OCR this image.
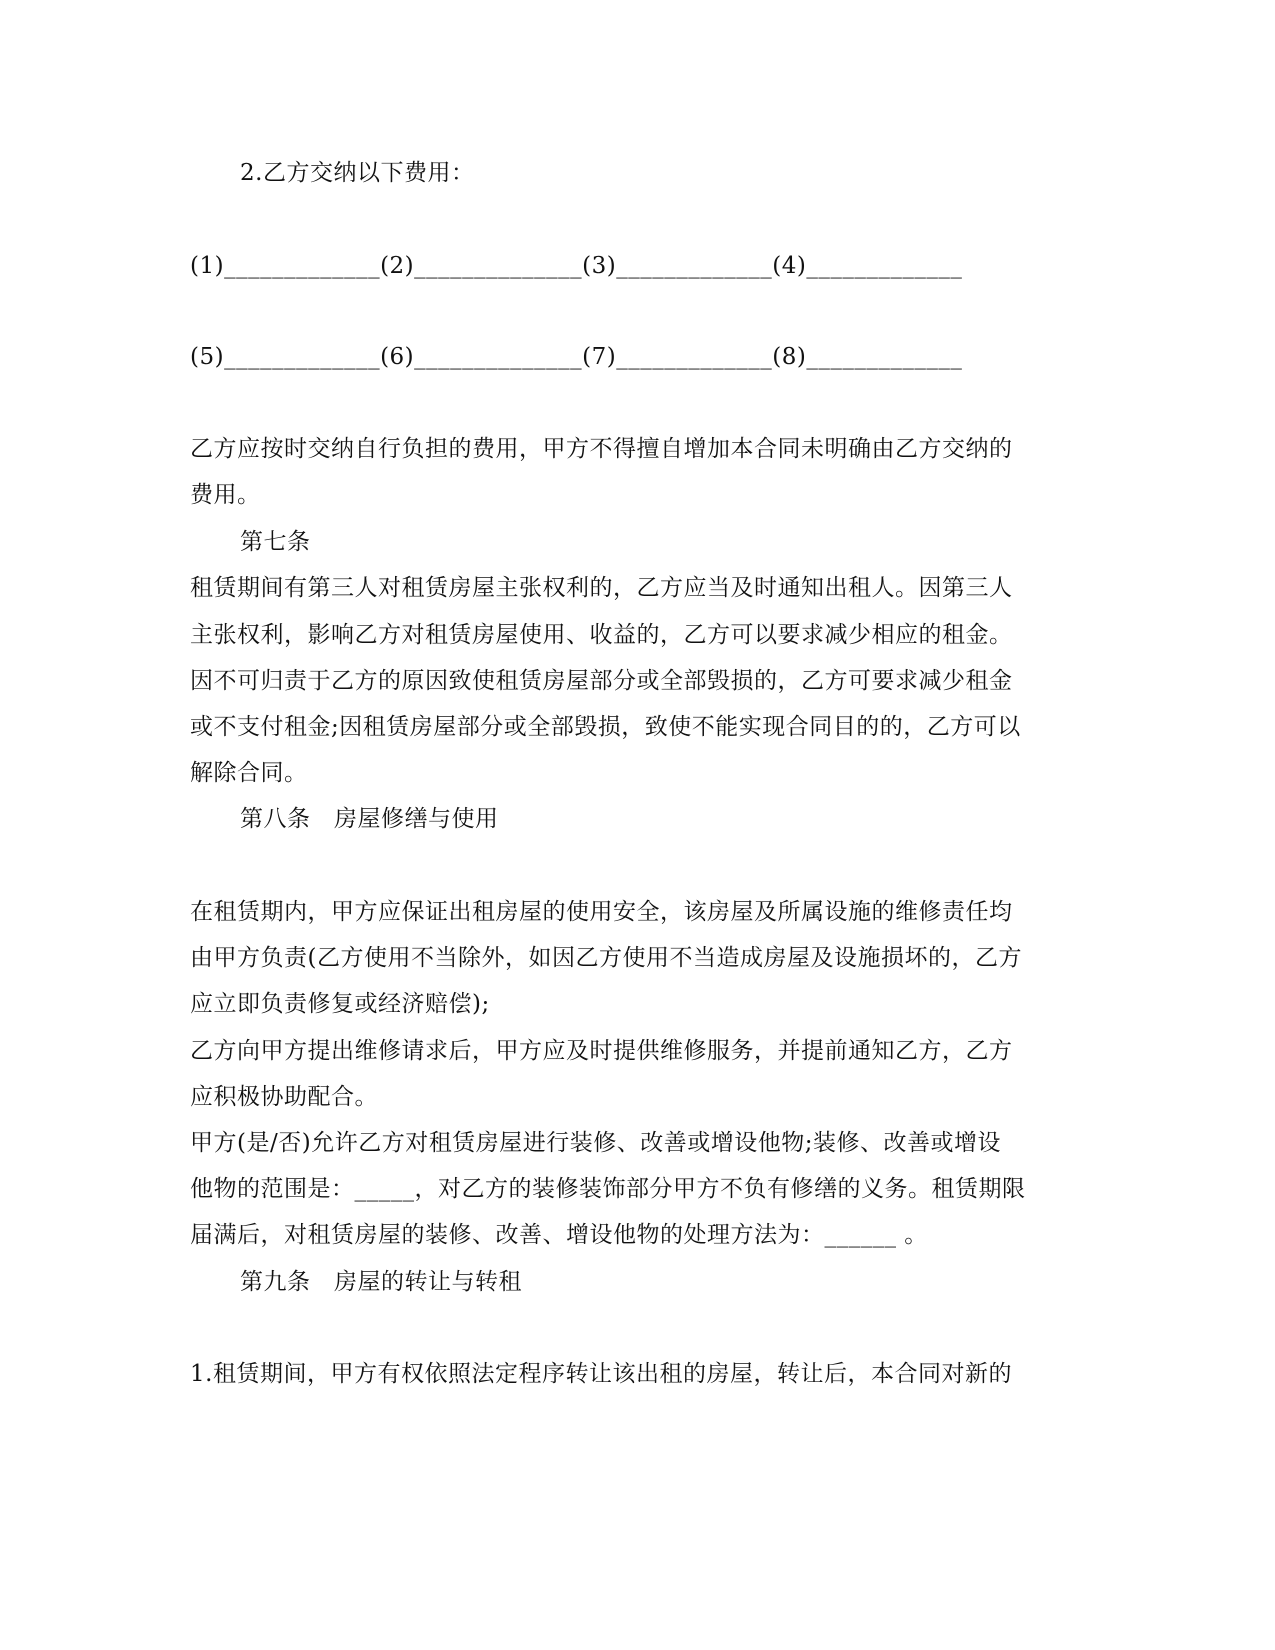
2.乙方交纳以下费用：

(1)_____________(2)______________(3)_____________(4)_____________

(5)_____________(6)______________(7)_____________(8)_____________

乙方应按时交纳自行负担的费用，甲方不得擅自增加本合同未明确由乙方交纳的

费用。

第七条

租赁期间有第三人对租赁房屋主张权利的，乙方应当及时通知出租人。因第三人

主张权利，影响乙方对租赁房屋使用、收益的，乙方可以要求减少相应的租金。

因不可归责于乙方的原因致使租赁房屋部分或全部毁损的，乙方可要求减少租金

或不支付租金;因租赁房屋部分或全部毁损，致使不能实现合同目的的，乙方可以

解除合同。

第八条　房屋修缮与使用

在租赁期内，甲方应保证出租房屋的使用安全，该房屋及所属设施的维修责任均

由甲方负责(乙方使用不当除外，如因乙方使用不当造成房屋及设施损坏的，乙方

应立即负责修复或经济赔偿);

乙方向甲方提出维修请求后，甲方应及时提供维修服务，并提前通知乙方，乙方

应积极协助配合。

甲方(是/否)允许乙方对租赁房屋进行装修、改善或增设他物;装修、改善或增设

他物的范围是：_____，对乙方的装修装饰部分甲方不负有修缮的义务。租赁期限

届满后，对租赁房屋的装修、改善、增设他物的处理方法为：______ 。

第九条　房屋的转让与转租

1.租赁期间，甲方有权依照法定程序转让该出租的房屋，转让后，本合同对新的
